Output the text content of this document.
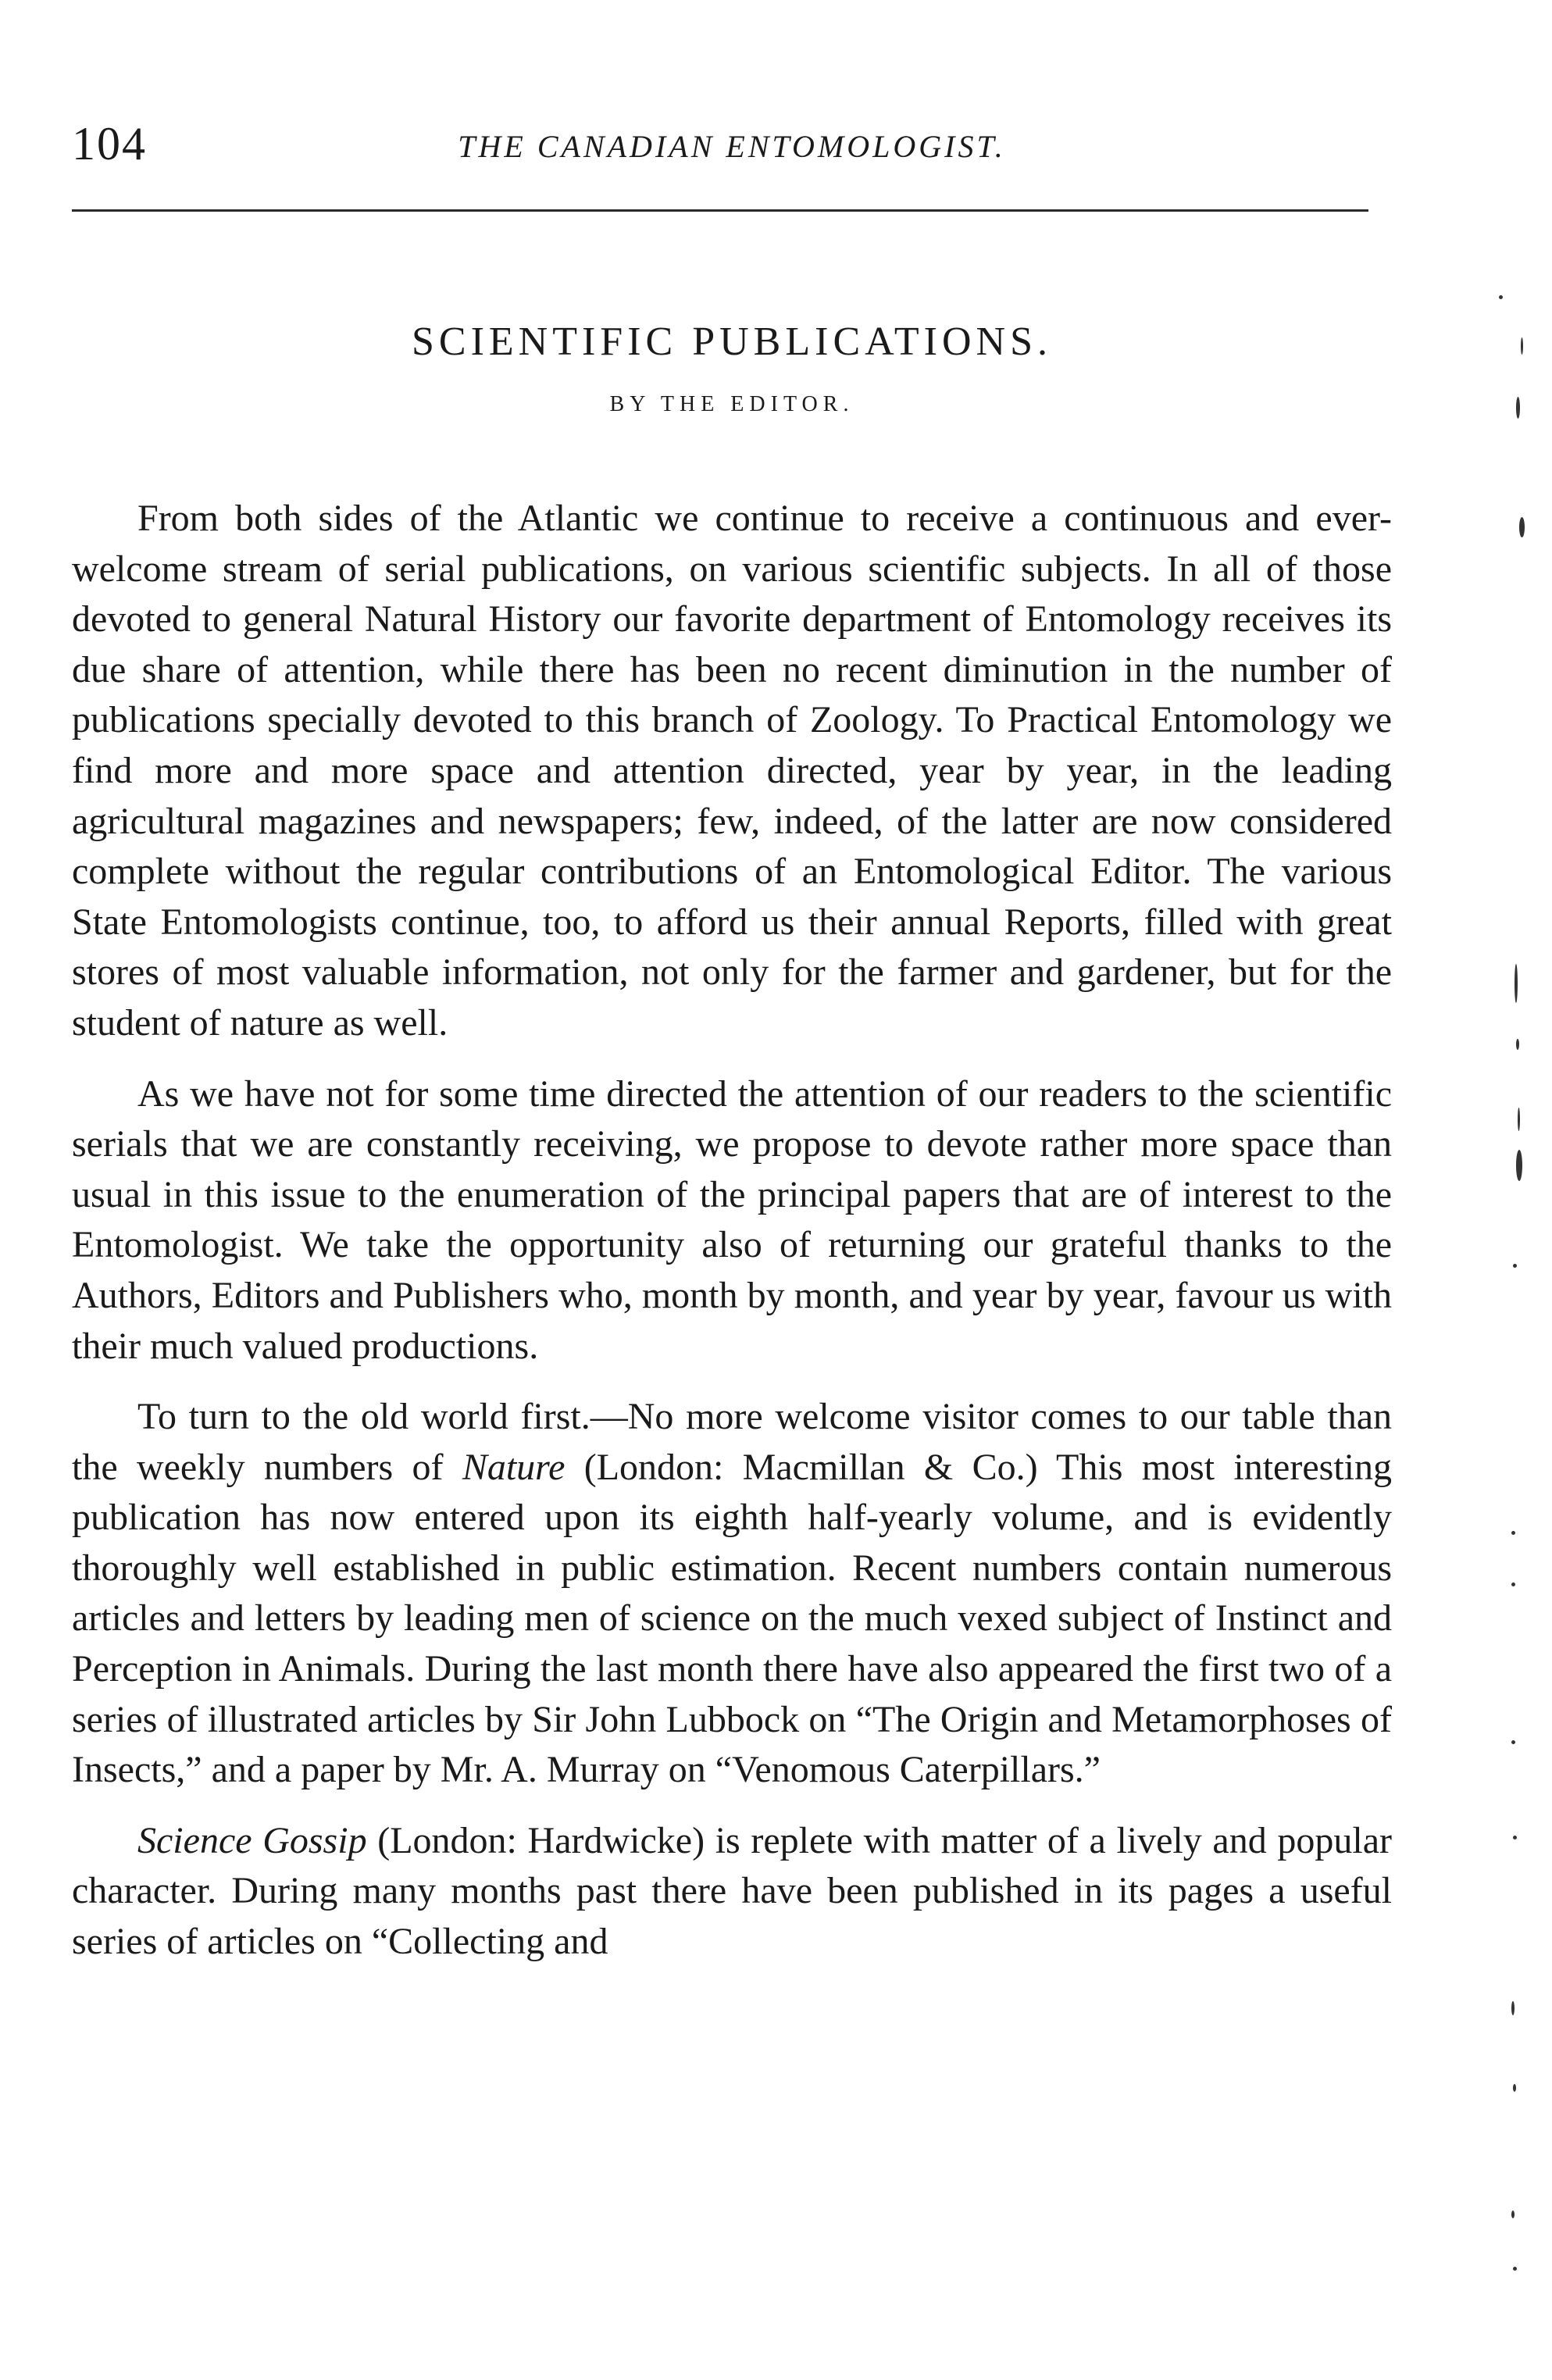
104	THE CANADIAN ENTOMOLOGIST.
SCIENTIFIC PUBLICATIONS.
BY THE EDITOR.

From both sides of the Atlantic we continue to receive a continuous and ever-welcome stream of serial publications, on various scientific subjects. In all of those devoted to general Natural History our favorite department of Entomology receives its due share of attention, while there has been no recent diminution in the number of publications specially devoted to this branch of Zoology. To Practical Entomology we find more and more space and attention directed, year by year, in the leading agricultural magazines and newspapers; few, indeed, of the latter are now considered complete without the regular contributions of an Entomological Editor. The various State Entomologists continue, too, to afford us their annual Reports, filled with great stores of most valuable information, not only for the farmer and gardener, but for the student of nature as well.

As we have not for some time directed the attention of our readers to the scientific serials that we are constantly receiving, we propose to devote rather more space than usual in this issue to the enumeration of the principal papers that are of interest to the Entomologist. We take the opportunity also of returning our grateful thanks to the Authors, Editors and Publishers who, month by month, and year by year, favour us with their much valued productions.

To turn to the old world first.—No more welcome visitor comes to our table than the weekly numbers of Nature (London: Macmillan & Co.) This most interesting publication has now entered upon its eighth half-yearly volume, and is evidently thoroughly well established in public estimation. Recent numbers contain numerous articles and letters by leading men of science on the much vexed subject of Instinct and Perception in Animals. During the last month there have also appeared the first two of a series of illustrated articles by Sir John Lubbock on “The Origin and Metamorphoses of Insects,” and a paper by Mr. A. Murray on “Venomous Caterpillars.”

Science Gossip (London: Hardwicke) is replete with matter of a lively and popular character. During many months past there have been published in its pages a useful series of articles on “Collecting and
